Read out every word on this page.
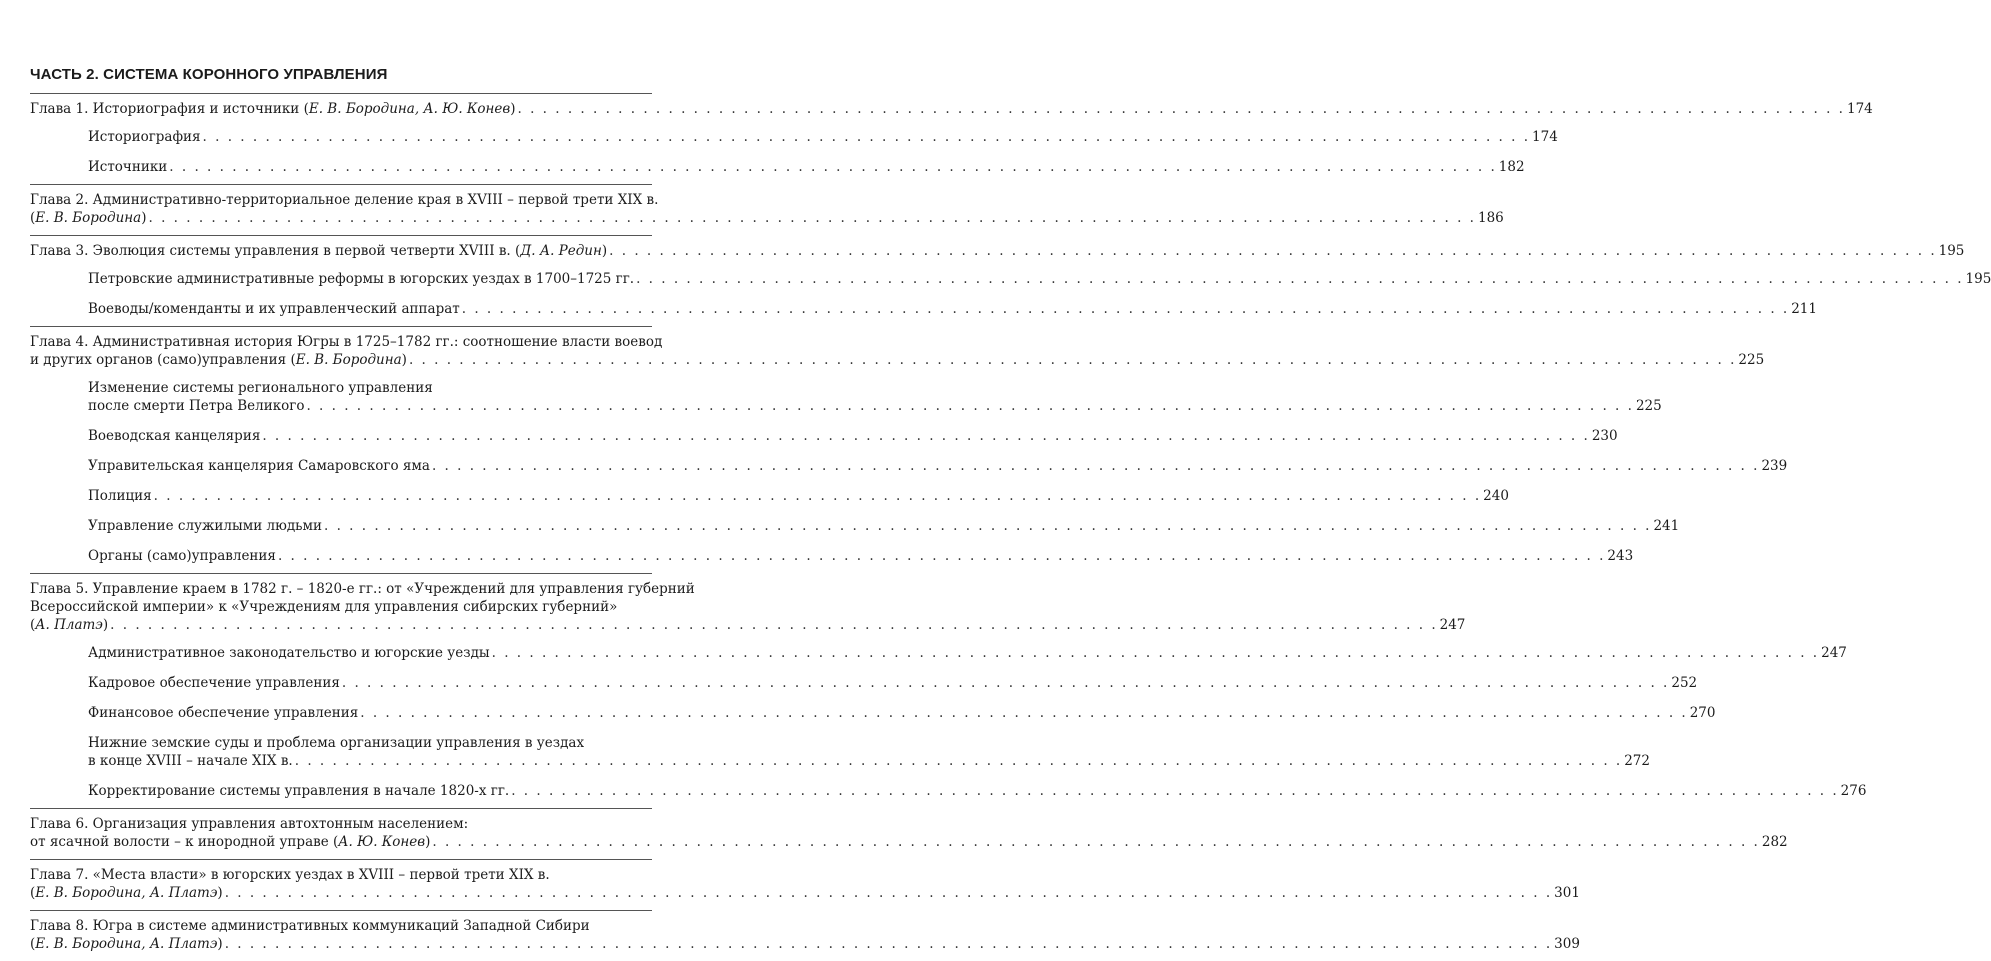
ЧАСТЬ 2. СИСТЕМА КОРОННОГО УПРАВЛЕНИЯ
Глава 1. Историография и источники (Е. В. Бородина, А. Ю. Конев) . . .	174
Историография . . .	174
Источники . . .	182
Глава 2. Административно-территориальное деление края в XVIII – первой трети XIX в.
(Е. В. Бородина) . . .	186
Глава 3. Эволюция системы управления в первой четверти XVIII в. (Д. А. Редин) . . .	195
Петровские административные реформы в югорских уездах в 1700–1725 гг. . . .	195
Воеводы/коменданты и их управленческий аппарат . . .	211
Глава 4. Административная история Югры в 1725–1782 гг.: соотношение власти воевод
и других органов (само)управления (Е. В. Бородина) . . .	225
Изменение системы регионального управления
после смерти Петра Великого . . .	225
Воеводская канцелярия . . .	230
Управительская канцелярия Самаровского яма . . .	239
Полиция . . .	240
Управление служилыми людьми . . .	241
Органы (само)управления . . .	243
Глава 5. Управление краем в 1782 г. – 1820-е гг.: от «Учреждений для управления губерний
Всероссийской империи» к «Учреждениям для управления сибирских губерний»
(А. Платэ) . . .	247
Административное законодательство и югорские уезды . . .	247
Кадровое обеспечение управления . . .	252
Финансовое обеспечение управления . . .	270
Нижние земские суды и проблема организации управления в уездах
в конце XVIII – начале XIX в. . . .	272
Корректирование системы управления в начале 1820-х гг. . . .	276
Глава 6. Организация управления автохтонным населением:
от ясачной волости – к инородной управе (А. Ю. Конев) . . .	282
Глава 7. «Места власти» в югорских уездах в XVIII – первой трети XIX в.
(Е. В. Бородина, А. Платэ) . . .	301
Глава 8. Югра в системе административных коммуникаций Западной Сибири
(Е. В. Бородина, А. Платэ) . . .	309
